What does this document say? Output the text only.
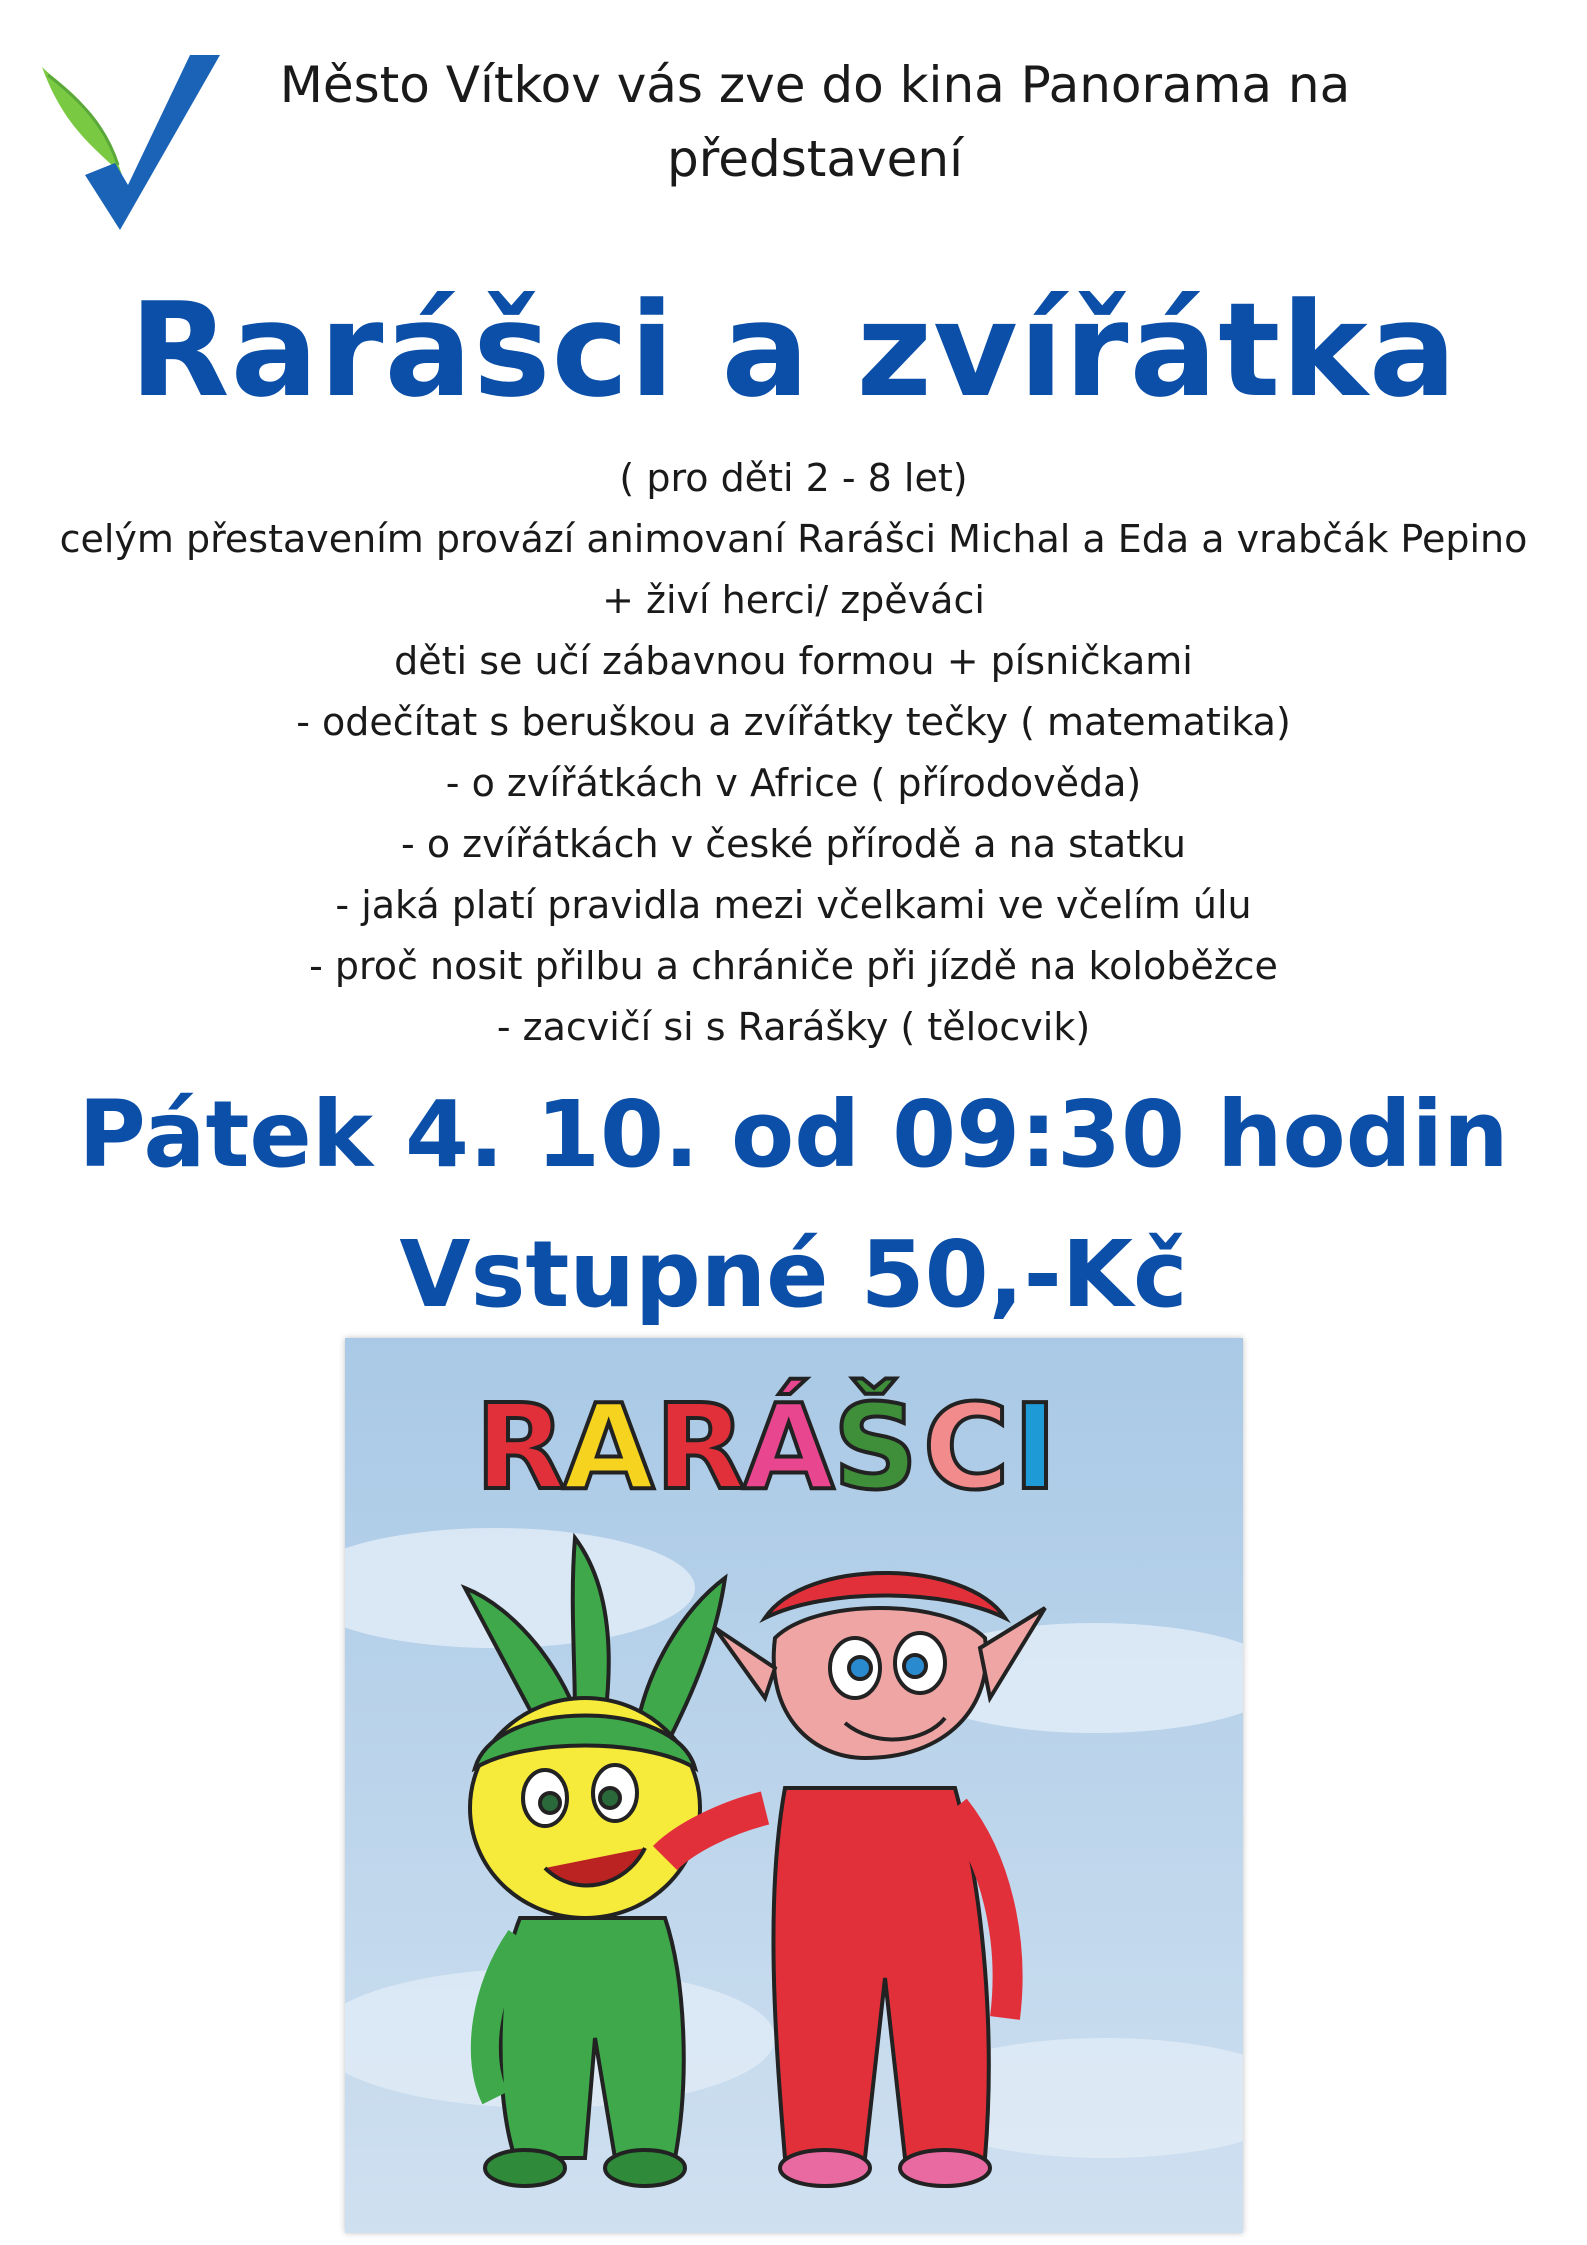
Město Vítkov vás zve do kina Panorama na
představení
Rarášci a zvířátka
( pro děti 2 - 8 let)
celým přestavením provází animovaní Rarášci Michal a Eda a vrabčák Pepino
+ živí herci/ zpěváci
děti se učí zábavnou formou + písničkami
- odečítat s beruškou a zvířátky tečky ( matematika)
- o zvířátkách v Africe ( přírodověda)
- o zvířátkách v české přírodě a na statku
- jaká platí pravidla mezi včelkami ve včelím úlu
- proč nosit přilbu a chrániče při jízdě na koloběžce
- zacvičí si s Rarášky ( tělocvik)
Pátek 4. 10. od 09:30 hodin
Vstupné 50,-Kč
R
A R
Á
Š C I
